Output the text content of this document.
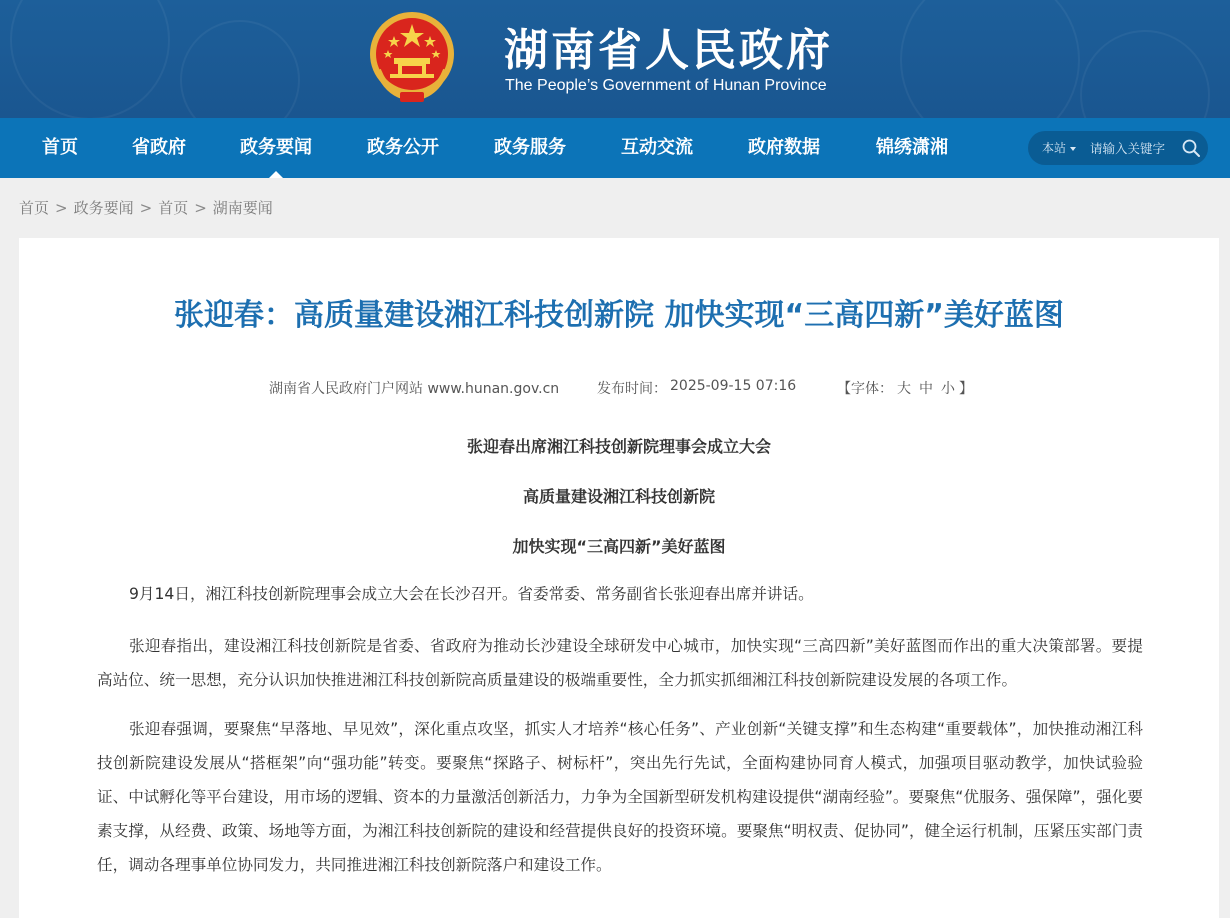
湖南省人民政府
The People’s Government of Hunan Province
首页	省政府	政务要闻	政务公开	政务服务	互动交流	政府数据	锦绣潇湘	本站
请输入关键字
首页 > 政务要闻 > 首页 > 湖南要闻
张迎春：高质量建设湘江科技创新院 加快实现“三高四新”美好蓝图
湖南省人民政府门户网站 www.hunan.gov.cn	发布时间： 2025-09-15 07:16	【字体： 大 中 小 】
张迎春出席湘江科技创新院理事会成立大会
高质量建设湘江科技创新院
加快实现“三高四新”美好蓝图

9月14日，湘江科技创新院理事会成立大会在长沙召开。省委常委、常务副省长张迎春出席并讲话。

张迎春指出，建设湘江科技创新院是省委、省政府为推动长沙建设全球研发中心城市，加快实现“三高四新”美好蓝图而作出的重大决策部署。要提高站位、统一思想，充分认识加快推进湘江科技创新院高质量建设的极端重要性，全力抓实抓细湘江科技创新院建设发展的各项工作。

张迎春强调，要聚焦“早落地、早见效”，深化重点攻坚，抓实人才培养“核心任务”、产业创新“关键支撑”和生态构建“重要载体”，加快推动湘江科技创新院建设发展从“搭框架”向“强功能”转变。要聚焦“探路子、树标杆”，突出先行先试，全面构建协同育人模式，加强项目驱动教学，加快试验验证、中试孵化等平台建设，用市场的逻辑、资本的力量激活创新活力，力争为全国新型研发机构建设提供“湖南经验”。要聚焦“优服务、强保障”，强化要素支撑，从经费、政策、场地等方面，为湘江科技创新院的建设和经营提供良好的投资环境。要聚焦“明权责、促协同”，健全运行机制，压紧压实部门责任，调动各理事单位协同发力，共同推进湘江科技创新院落户和建设工作。
